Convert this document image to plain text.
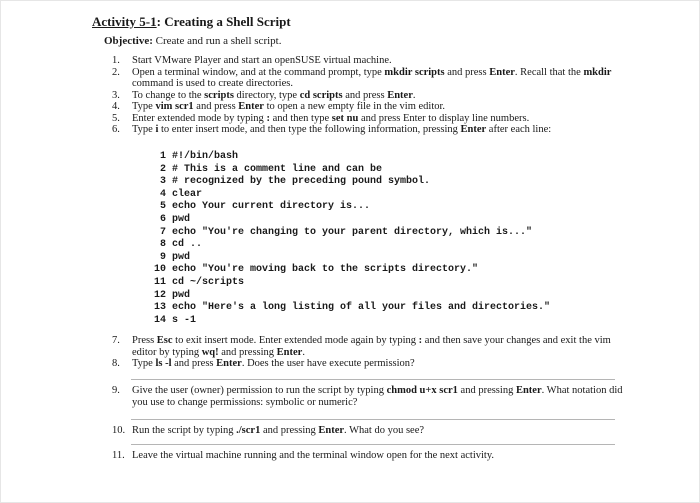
Activity 5-1: Creating a Shell Script
Objective: Create and run a shell script.
1. Start VMware Player and start an openSUSE virtual machine.
2. Open a terminal window, and at the command prompt, type mkdir scripts and press Enter. Recall that the mkdir command is used to create directories.
3. To change to the scripts directory, type cd scripts and press Enter.
4. Type vim scr1 and press Enter to open a new empty file in the vim editor.
5. Enter extended mode by typing : and then type set nu and press Enter to display line numbers.
6. Type i to enter insert mode, and then type the following information, pressing Enter after each line:
1 #!/bin/bash
2 # This is a comment line and can be
3 # recognized by the preceding pound symbol.
4 clear
5 echo Your current directory is...
6 pwd
7 echo "You're changing to your parent directory, which is..."
8 cd ..
9 pwd
10 echo "You're moving back to the scripts directory."
11 cd ~/scripts
12 pwd
13 echo "Here's a long listing of all your files and directories."
14 s -1
7. Press Esc to exit insert mode. Enter extended mode again by typing : and then save your changes and exit the vim editor by typing wq! and pressing Enter.
8. Type ls -l and press Enter. Does the user have execute permission?
9. Give the user (owner) permission to run the script by typing chmod u+x scr1 and pressing Enter. What notation did you use to change permissions: symbolic or numeric?
10. Run the script by typing ./scr1 and pressing Enter. What do you see?
11. Leave the virtual machine running and the terminal window open for the next activity.
